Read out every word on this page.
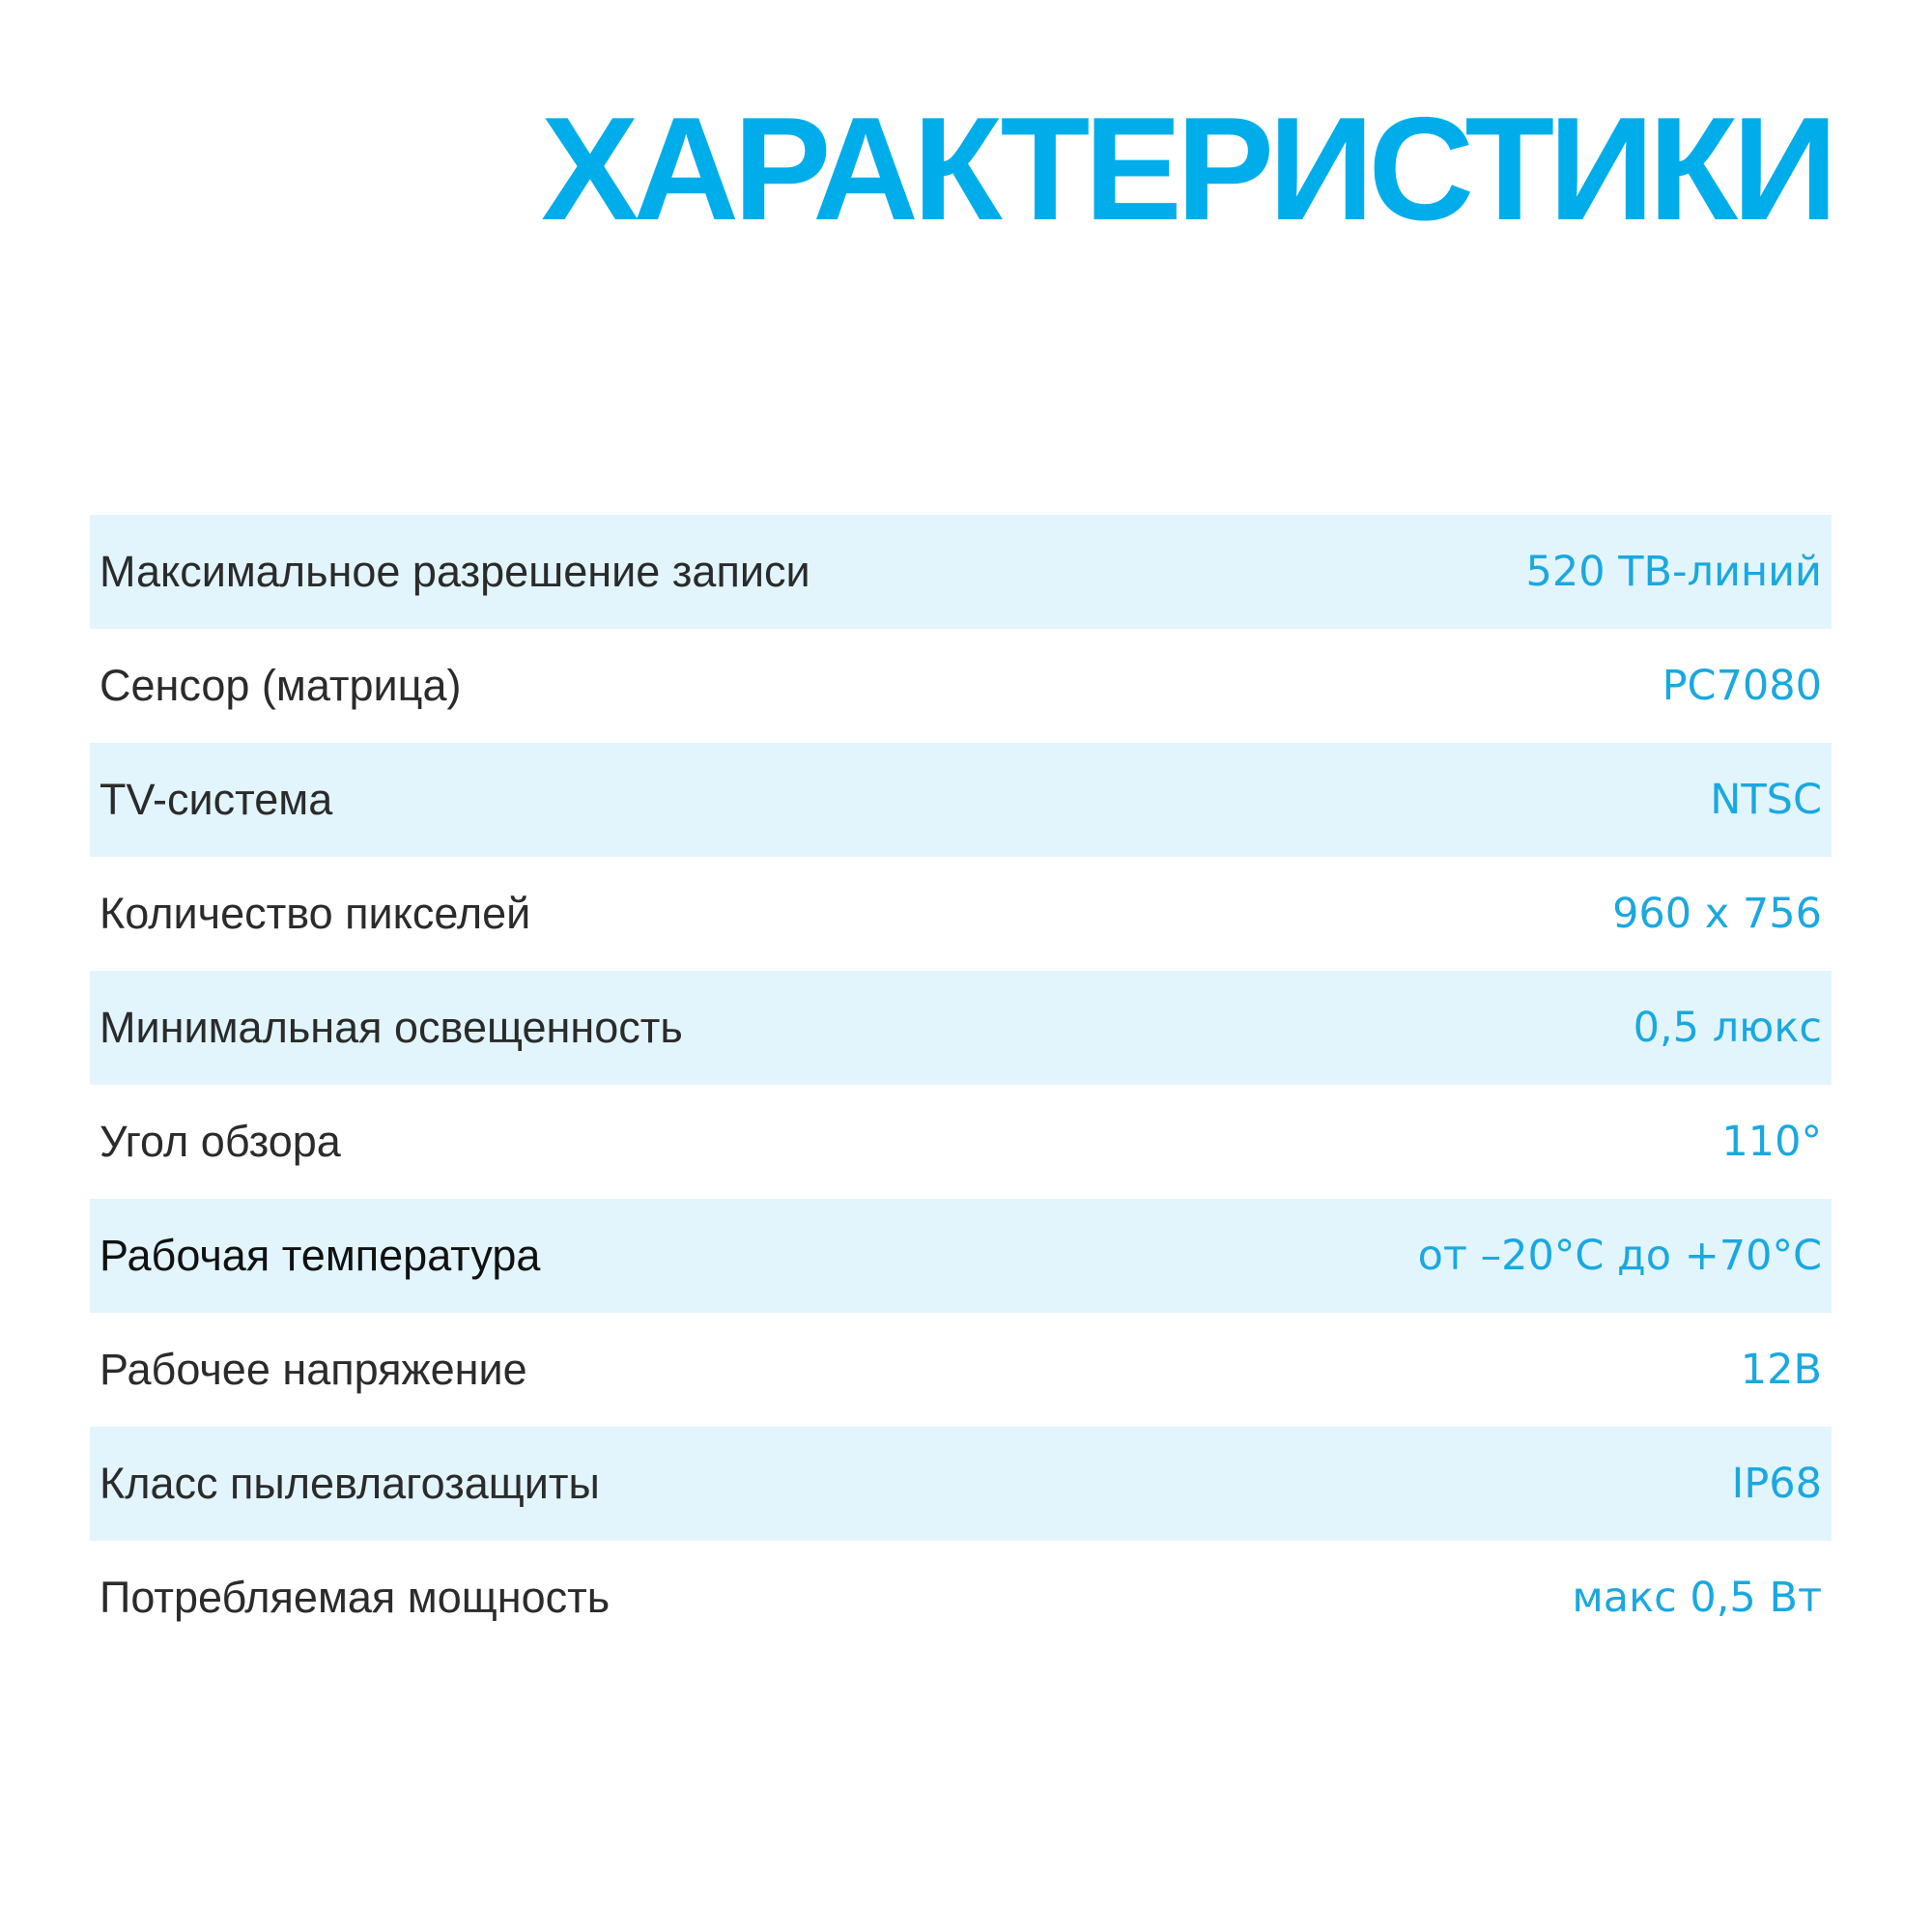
ХАРАКТЕРИСТИКИ
Максимальное разрешение записи	520 ТВ-линий
Сенсор (матрица)	PC7080
TV-система	NTSC
Количество пикселей	960 x 756
Минимальная освещенность	0,5 люкс
Угол обзора	110°
Рабочая температура	от –20°С до +70°С
Рабочее напряжение	12В
Класс пылевлагозащиты	IP68
Потребляемая мощность	макс 0,5 Вт
